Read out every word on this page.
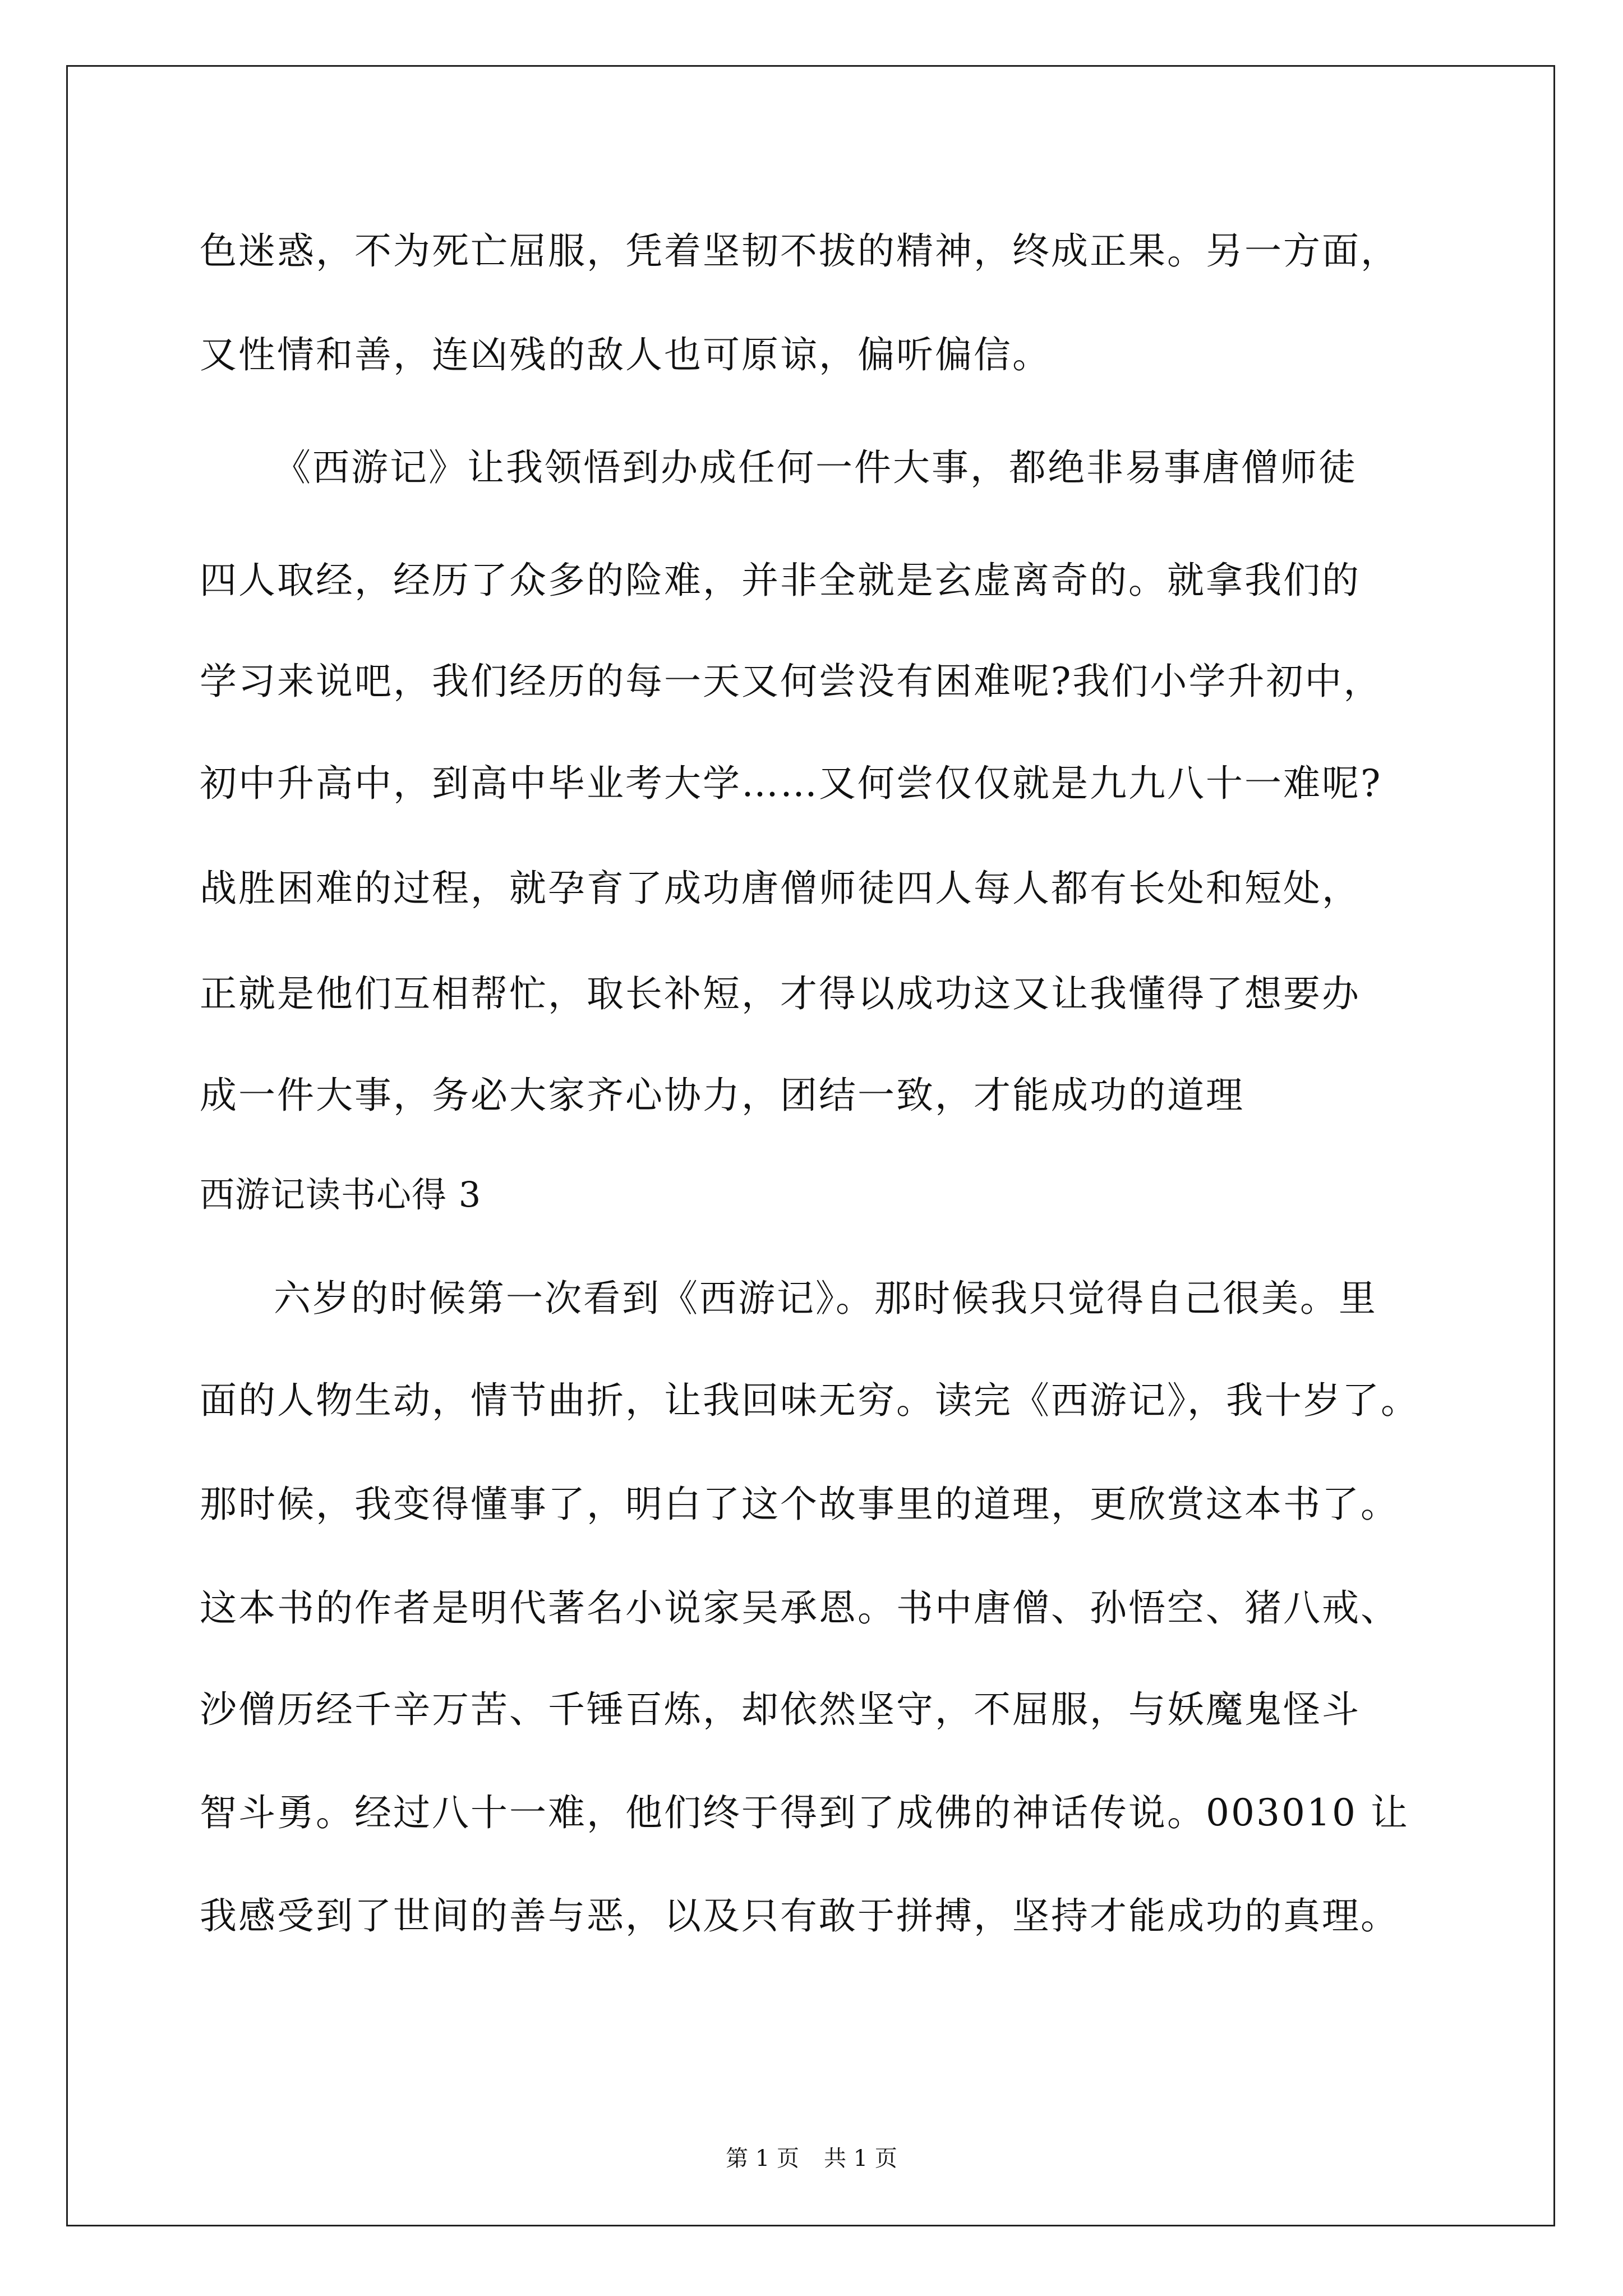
色迷惑，不为死亡屈服，凭着坚韧不拔的精神，终成正果。另一方面，
又性情和善，连凶残的敌人也可原谅，偏听偏信。
《西游记》让我领悟到办成任何一件大事，都绝非易事唐僧师徒
四人取经，经历了众多的险难，并非全就是玄虚离奇的。就拿我们的
学习来说吧，我们经历的每一天又何尝没有困难呢?我们小学升初中，
初中升高中，到高中毕业考大学……又何尝仅仅就是九九八十一难呢?
战胜困难的过程，就孕育了成功唐僧师徒四人每人都有长处和短处，
正就是他们互相帮忙，取长补短，才得以成功这又让我懂得了想要办
成一件大事，务必大家齐心协力，团结一致，才能成功的道理
西游记读书心得 3
六岁的时候第一次看到《西游记》。那时候我只觉得自己很美。里
面的人物生动，情节曲折，让我回味无穷。读完《西游记》，我十岁了。
那时候，我变得懂事了，明白了这个故事里的道理，更欣赏这本书了。
这本书的作者是明代著名小说家吴承恩。书中唐僧、孙悟空、猪八戒、
沙僧历经千辛万苦、千锤百炼，却依然坚守，不屈服，与妖魔鬼怪斗
智斗勇。经过八十一难，他们终于得到了成佛的神话传说。003010 让
我感受到了世间的善与恶，以及只有敢于拼搏，坚持才能成功的真理。
第 1 页 共 1 页
